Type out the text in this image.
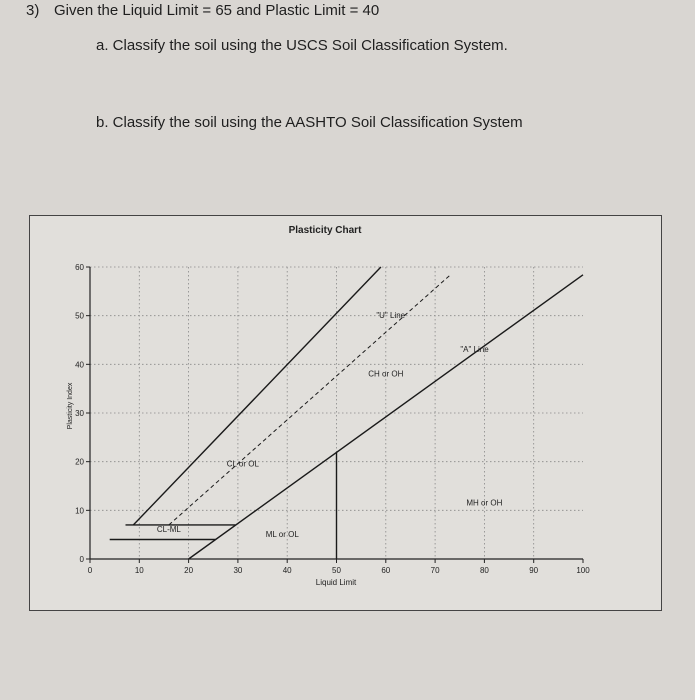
3) Given the Liquid Limit = 65 and Plastic Limit = 40
a. Classify the soil using the USCS Soil Classification System.
b. Classify the soil using the AASHTO Soil Classification System
Plasticity Chart
0
10
20
30
40
50
60
0	10	20	30	40	50	60	70	80	90	100
CL-ML
CL or OL
ML or OL
CH or OH
MH or OH
"U" Line
"A" Line
Liquid Limit
Plasticity Index
